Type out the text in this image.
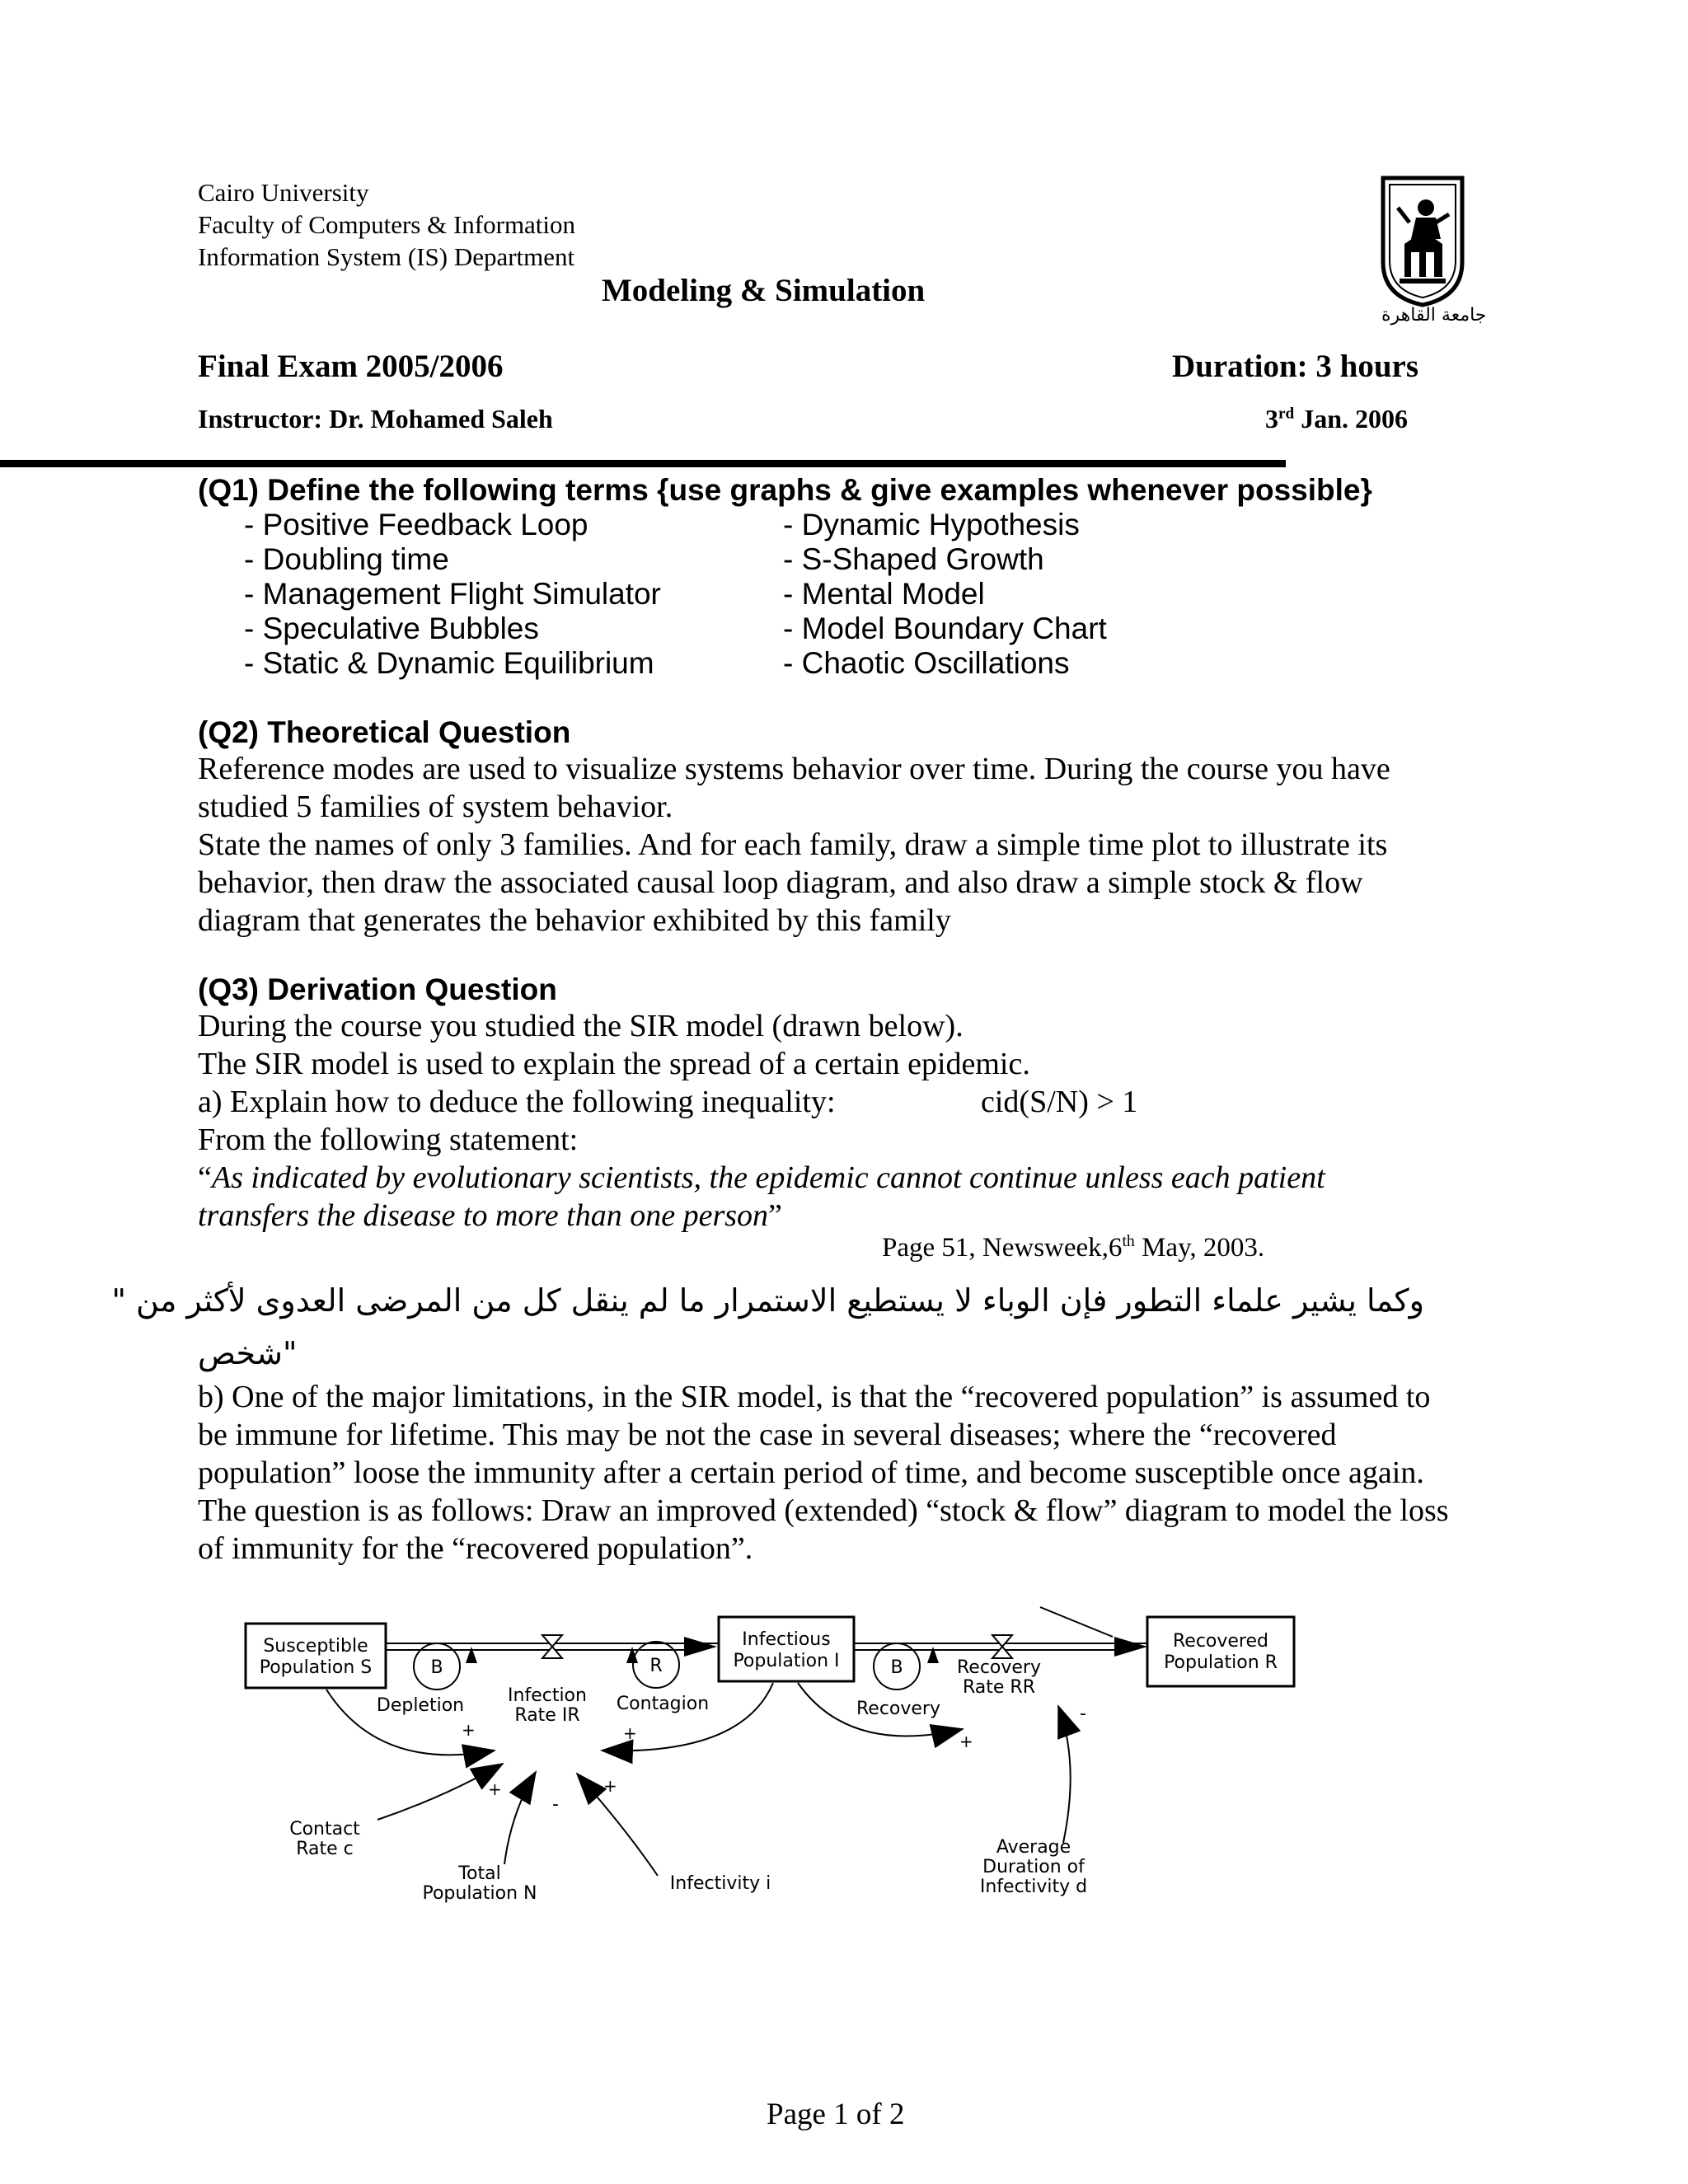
Cairo University
Faculty of Computers & Information
Information System (IS) Department
Modeling & Simulation
جامعة القاهرة
Final Exam 2005/2006	Duration: 3 hours
Instructor: Dr. Mohamed Saleh	3rd Jan. 2006
(Q1) Define the following terms {use graphs & give examples whenever possible}
- Positive Feedback Loop
- Doubling time
- Management Flight Simulator
- Speculative Bubbles
- Static & Dynamic Equilibrium
- Dynamic Hypothesis
- S-Shaped Growth
- Mental Model
- Model Boundary Chart
- Chaotic Oscillations
(Q2) Theoretical Question
Reference modes are used to visualize systems behavior over time. During the course you have studied 5 families of system behavior.
State the names of only 3 families. And for each family, draw a simple time plot to illustrate its behavior, then draw the associated causal loop diagram, and also draw a simple stock & flow diagram that generates the behavior exhibited by this family
(Q3) Derivation Question
During the course you studied the SIR model (drawn below).
The SIR model is used to explain the spread of a certain epidemic.
a) Explain how to deduce the following inequality:	cid(S/N) > 1
From the following statement:
“As indicated by evolutionary scientists, the epidemic cannot continue unless each patient transfers the disease to more than one person”
Page 51, Newsweek,6th May, 2003.
وكما يشير علماء التطور فإن الوباء لا يستطيع الاستمرار ما لم ينقل كل من المرضى العدوى لأكثر من "
شخص"
b) One of the major limitations, in the SIR model, is that the “recovered population” is assumed to be immune for lifetime. This may be not the case in several diseases; where the “recovered population” loose the immunity after a certain period of time, and become susceptible once again. The question is as follows: Draw an improved (extended) “stock & flow” diagram to model the loss of immunity for the “recovered population”.
Susceptible
Population S
Infectious
Population I
Recovered
Population R
B	R	B
Infection
Rate IR
Recovery
Rate RR
Depletion	Contagion	Recovery
+	+
+
-
+
+
-
Contact
Rate c
Total
Population N	Infectivity i
Average
Duration of
Infectivity d
Page 1 of 2
